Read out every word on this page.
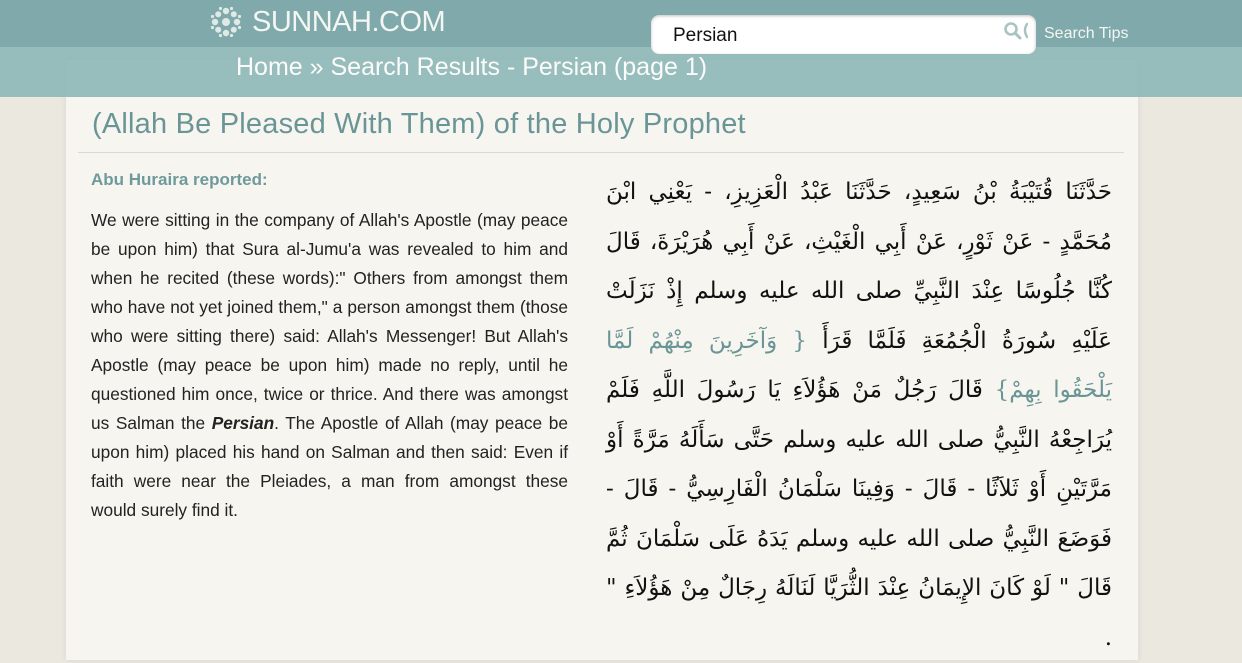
(Allah Be Pleased With Them) of the Holy Prophet
Abu Huraira reported:
We were sitting in the company of Allah's Apostle (may peace be upon him) that Sura al-Jumu'a was revealed to him and when he recited (these words):" Others from amongst them who have not yet joined them," a person amongst them (those who were sitting there) said: Allah's Messenger! But Allah's Apostle (may peace be upon him) made no reply, until he questioned him once, twice or thrice. And there was amongst us Salman the Persian. The Apostle of Allah (may peace be upon him) placed his hand on Salman and then said: Even if faith were near the Pleiades, a man from amongst these would surely find it.
حَدَّثَنَا قُتَيْبَةُ بْنُ سَعِيدٍ، حَدَّثَنَا عَبْدُ الْعَزِيزِ، - يَعْنِي ابْنَ مُحَمَّدٍ - عَنْ ثَوْرٍ، عَنْ أَبِي الْغَيْثِ، عَنْ أَبِي هُرَيْرَةَ، قَالَ كُنَّا جُلُوسًا عِنْدَ النَّبِيِّ صلى الله عليه وسلم إِذْ نَزَلَتْ عَلَيْهِ سُورَةُ الْجُمُعَةِ فَلَمَّا قَرَأَ { وَآخَرِينَ مِنْهُمْ لَمَّا يَلْحَقُوا بِهِمْ} قَالَ رَجُلٌ مَنْ هَؤُلاَءِ يَا رَسُولَ اللَّهِ فَلَمْ يُرَاجِعْهُ النَّبِيُّ صلى الله عليه وسلم حَتَّى سَأَلَهُ مَرَّةً أَوْ مَرَّتَيْنِ أَوْ ثَلاَثًا - قَالَ - وَفِينَا سَلْمَانُ الْفَارِسِيُّ - قَالَ - فَوَضَعَ النَّبِيُّ صلى الله عليه وسلم يَدَهُ عَلَى سَلْمَانَ ثُمَّ قَالَ " لَوْ كَانَ الإِيمَانُ عِنْدَ الثُّرَيَّا لَنَالَهُ رِجَالٌ مِنْ هَؤُلاَءِ " .
SUNNAH.COM
Persian	Search Tips
Home » Search Results - Persian (page 1)
